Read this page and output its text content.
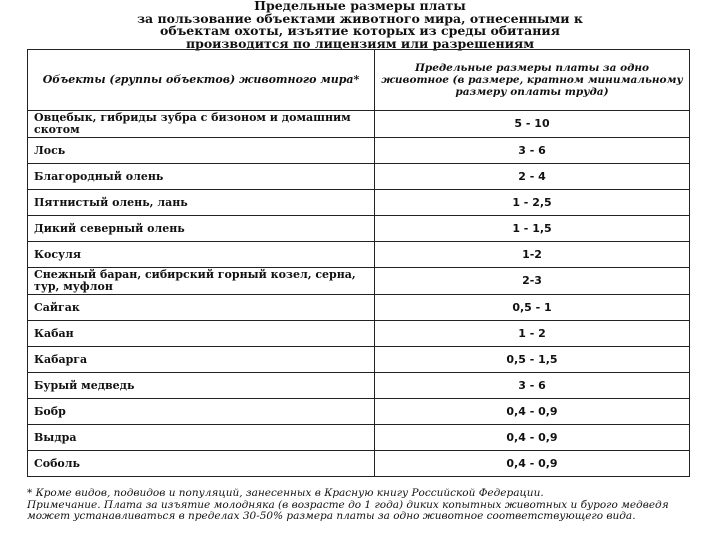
Предельные размеры платы
за пользование объектами животного мира, отнесенными к
объектам охоты, изъятие которых из среды обитания
производится по лицензиям или разрешениям
Объекты (группы объектов) животного мира*	Предельные размеры платы за одно животное (в размере, кратном минимальному размеру оплаты труда)
Овцебык, гибриды зубра с бизоном и домашним скотом	5 - 10
Лось	3 - 6
Благородный олень	2 - 4
Пятнистый олень, лань	1 - 2,5
Дикий северный олень	1 - 1,5
Косуля	1-2
Снежный баран, сибирский горный козел, серна, тур, муфлон	2-3
Сайгак	0,5 - 1
Кабан	1 - 2
Кабарга	0,5 - 1,5
Бурый медведь	3 - 6
Бобр	0,4 - 0,9
Выдра	0,4 - 0,9
Соболь	0,4 - 0,9

* Кроме видов, подвидов и популяций, занесенных в Красную книгу Российской Федерации.

Примечание. Плата за изъятие молодняка (в возрасте до 1 года) диких копытных животных и бурого медведя может устанавливаться в пределах 30-50% размера платы за одно животное соответствующего вида.
